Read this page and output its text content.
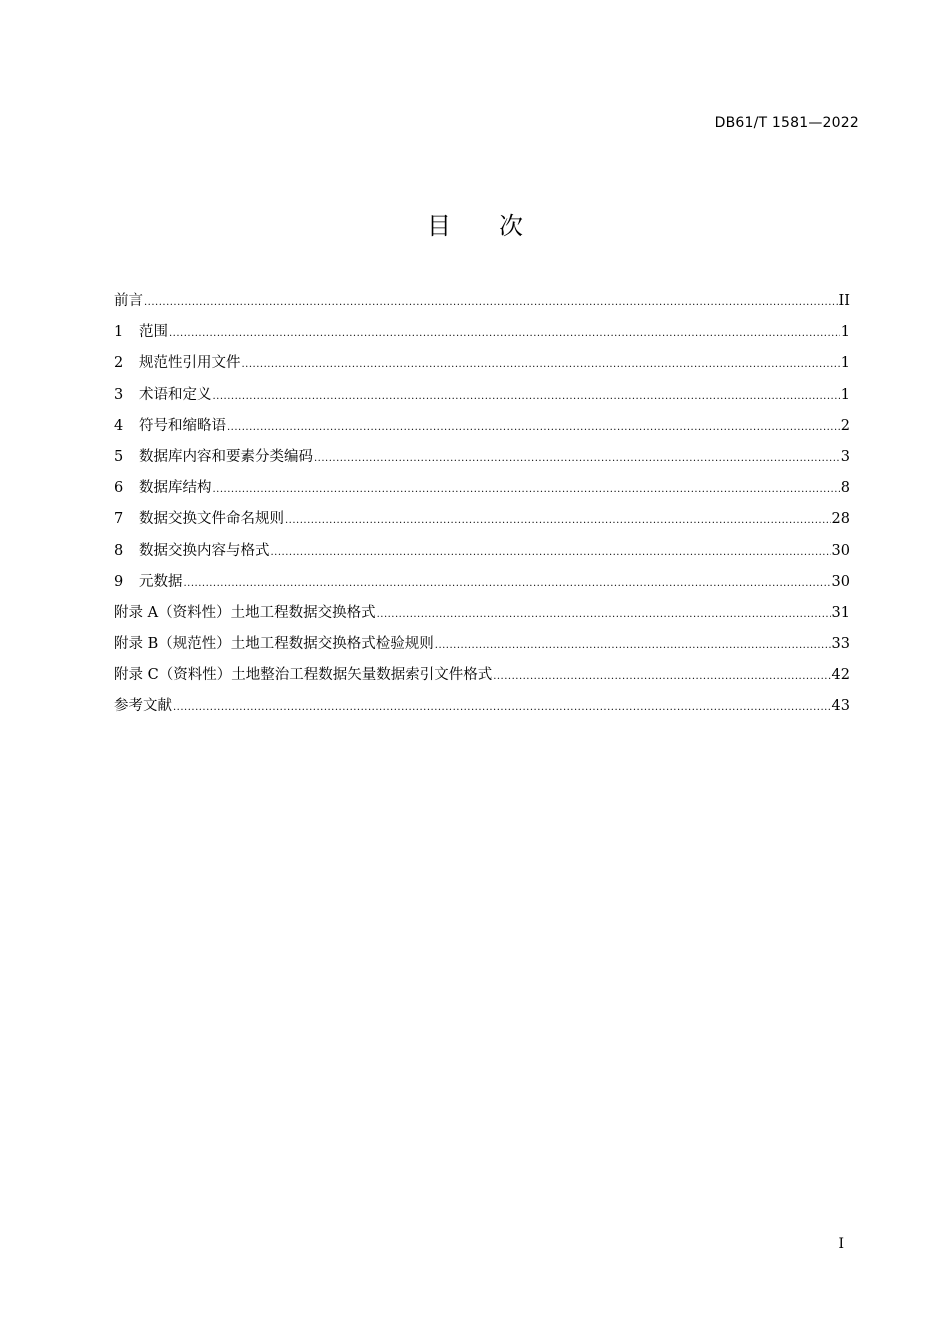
DB61/T 1581—2022
目 次
前言 .....	II
1	范围 .....	1
2	规范性引用文件 .....	1
3	术语和定义 .....	1
4	符号和缩略语 .....	2
5	数据库内容和要素分类编码 .....	3
6	数据库结构 .....	8
7	数据交换文件命名规则 .....	28
8	数据交换内容与格式 .....	30
9	元数据 .....	30
附录 A（资料性）土地工程数据交换格式 .....	31
附录 B（规范性）土地工程数据交换格式检验规则 .....	33
附录 C（资料性）土地整治工程数据矢量数据索引文件格式 .....	42
参考文献 .....	43
I
